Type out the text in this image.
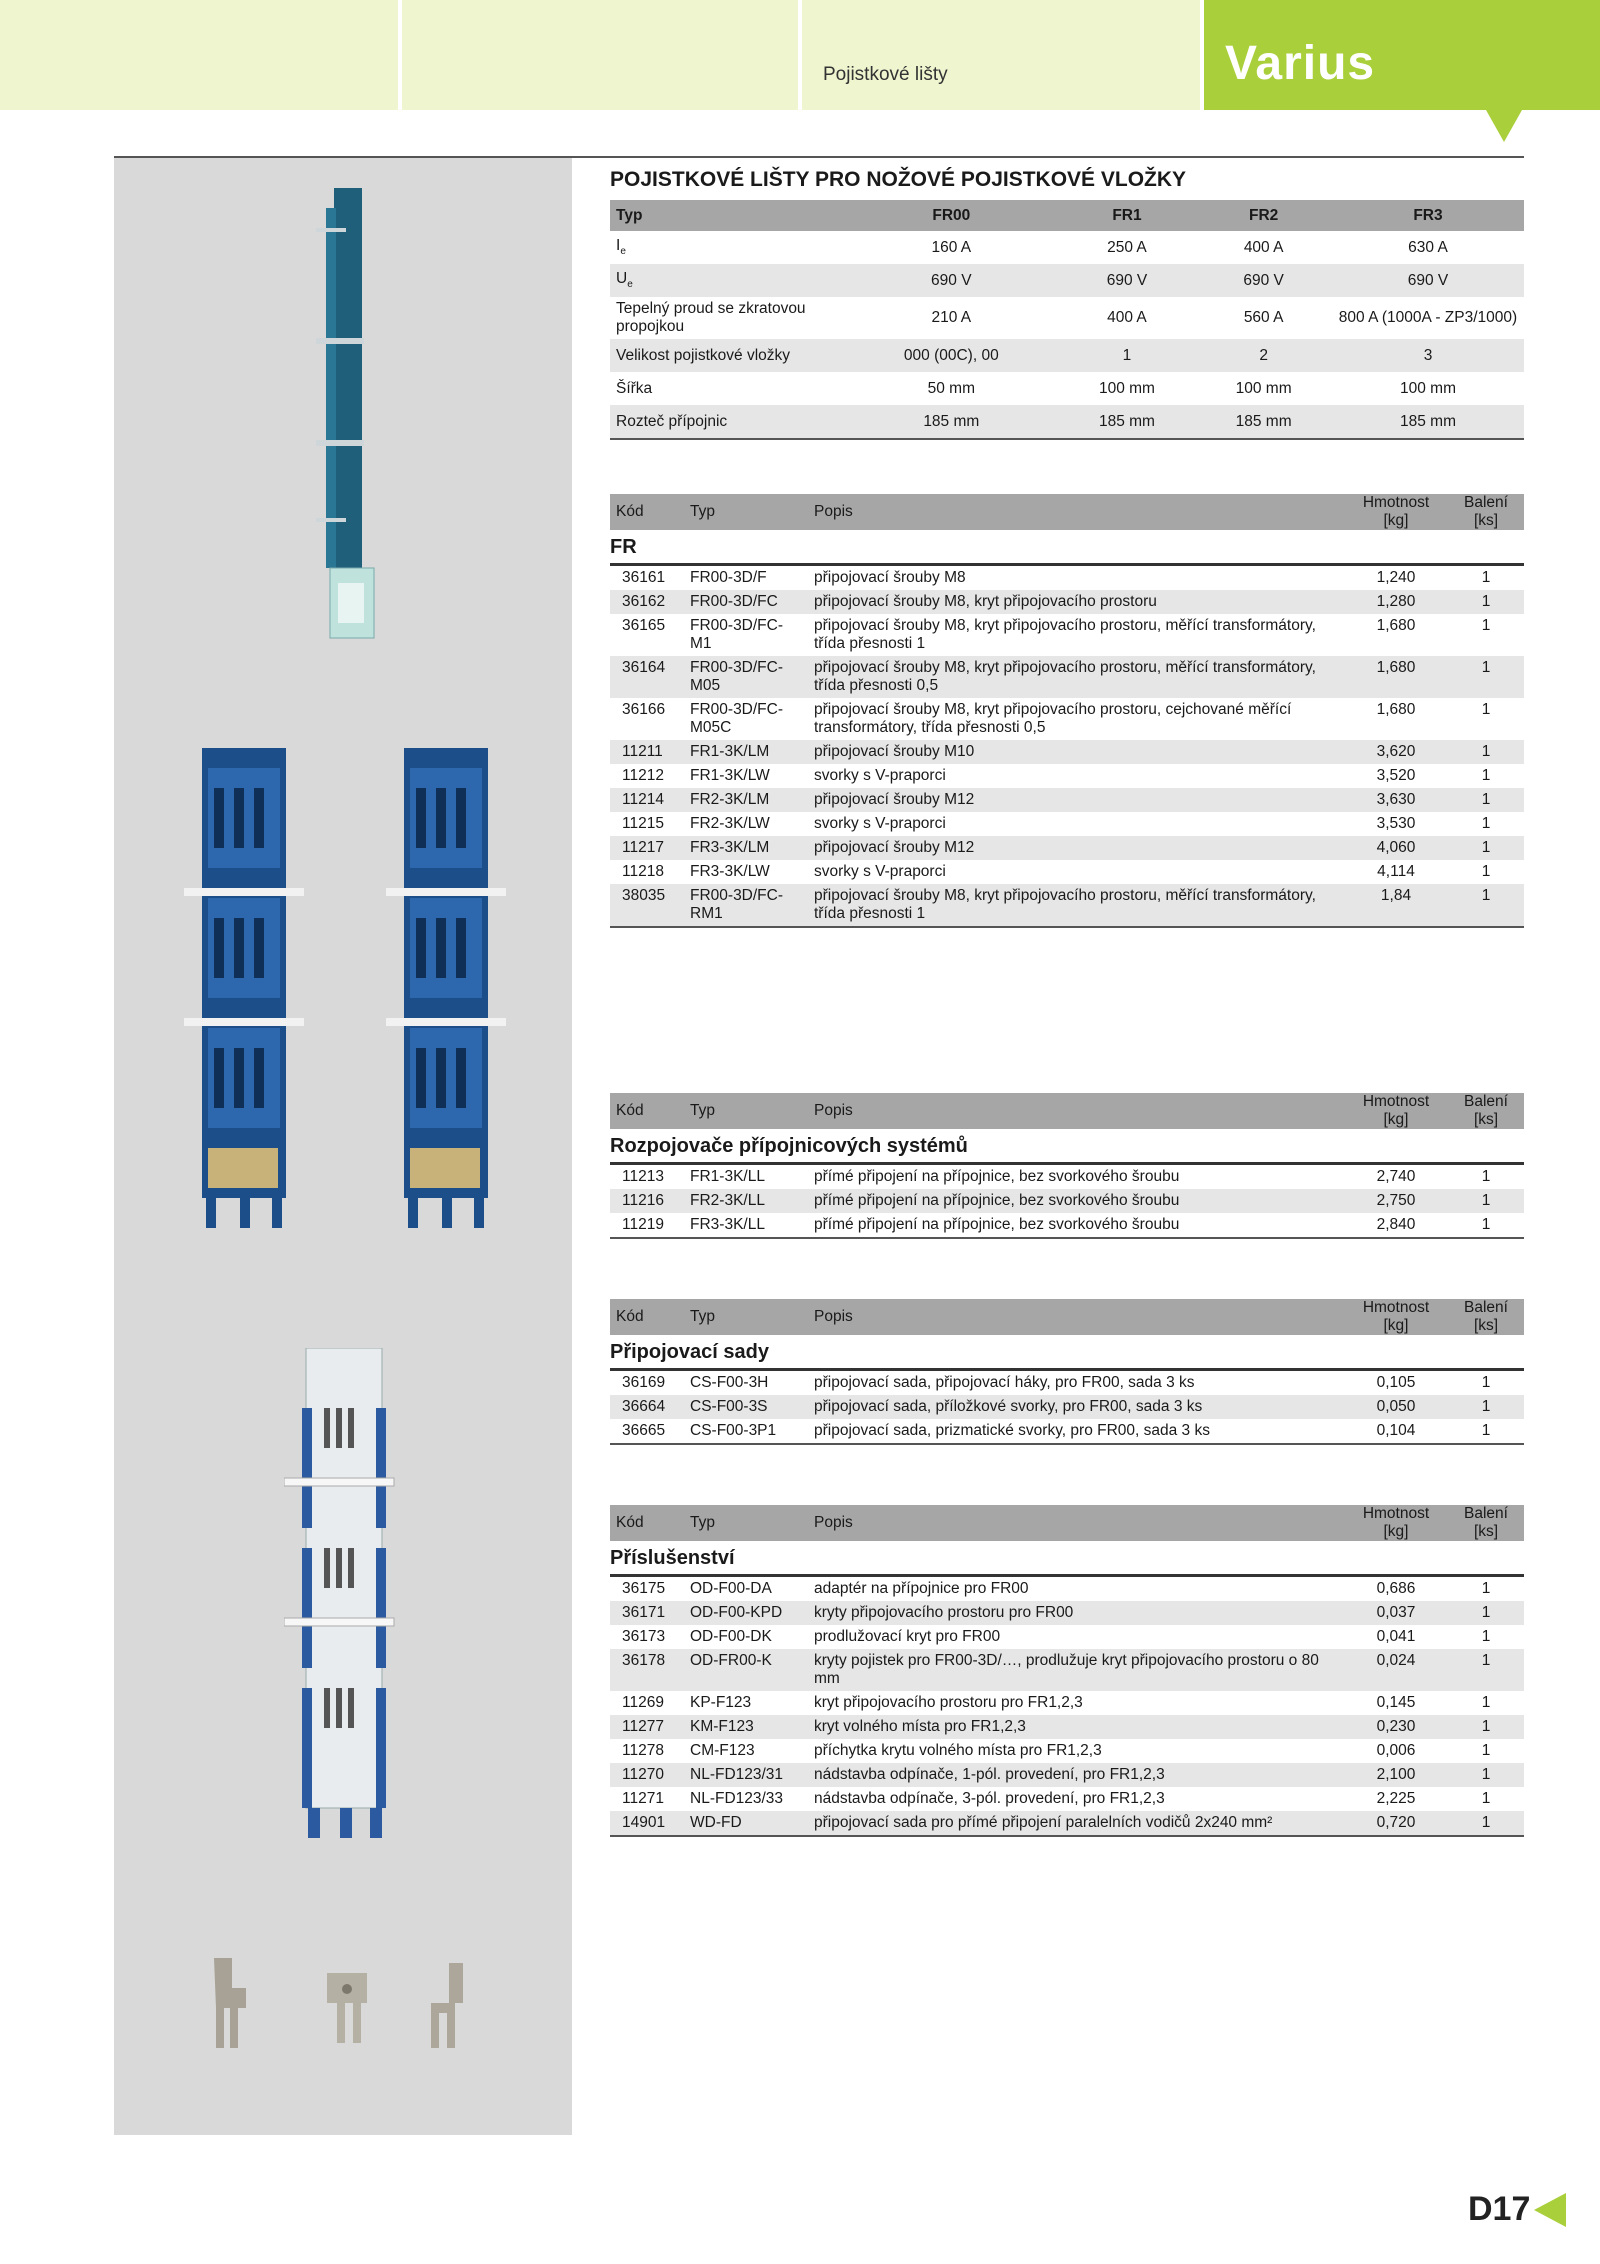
Pojistkové lišty	Varius
POJISTKOVÉ LIŠTY PRO NOŽOVÉ POJISTKOVÉ VLOŽKY
Typ	FR00	FR1	FR2	FR3
$I_e$	160 A	250 A	400 A	630 A
$U_e$	690 V	690 V	690 V	690 V
Tepelný proud se zkratovou propojkou	210 A	400 A	560 A	800 A (1000A - ZP3/1000)
Velikost pojistkové vložky	000 (00C), 00	1	2	3
Šířka	50 mm	100 mm	100 mm	100 mm
Rozteč přípojnic	185 mm	185 mm	185 mm	185 mm
Kód	Typ	Popis	Hmotnost [kg]	Balení [ks]
FR				
36161	FR00-3D/F	připojovací šrouby M8	1,240	1
36162	FR00-3D/FC	připojovací šrouby M8, kryt připojovacího prostoru	1,280	1
36165	FR00-3D/FC-M1	připojovací šrouby M8, kryt připojovacího prostoru, měřící transformátory, třída přesnosti 1	1,680	1
36164	FR00-3D/FC-M05	připojovací šrouby M8, kryt připojovacího prostoru, měřící transformátory, třída přesnosti 0,5	1,680	1
36166	FR00-3D/FC-M05C	připojovací šrouby M8, kryt připojovacího prostoru, cejchované měřící transformátory, třída přesnosti 0,5	1,680	1
11211	FR1-3K/LM	připojovací šrouby M10	3,620	1
11212	FR1-3K/LW	svorky s V-praporci	3,520	1
11214	FR2-3K/LM	připojovací šrouby M12	3,630	1
11215	FR2-3K/LW	svorky s V-praporci	3,530	1
11217	FR3-3K/LM	připojovací šrouby M12	4,060	1
11218	FR3-3K/LW	svorky s V-praporci	4,114	1
38035	FR00-3D/FC-RM1	připojovací šrouby M8, kryt připojovacího prostoru, měřící transformátory, třída přesnosti 1	1,84	1
Kód	Typ	Popis	Hmotnost [kg]	Balení [ks]
Rozpojovače přípojnicových systémů				
11213	FR1-3K/LL	přímé připojení na přípojnice, bez svorkového šroubu	2,740	1
11216	FR2-3K/LL	přímé připojení na přípojnice, bez svorkového šroubu	2,750	1
11219	FR3-3K/LL	přímé připojení na přípojnice, bez svorkového šroubu	2,840	1
Kód	Typ	Popis	Hmotnost [kg]	Balení [ks]
Připojovací sady				
36169	CS-F00-3H	připojovací sada, připojovací háky, pro FR00, sada 3 ks	0,105	1
36664	CS-F00-3S	připojovací sada, příložkové svorky, pro FR00, sada 3 ks	0,050	1
36665	CS-F00-3P1	připojovací sada, prizmatické svorky, pro FR00, sada 3 ks	0,104	1
Kód	Typ	Popis	Hmotnost [kg]	Balení [ks]
Příslušenství				
36175	OD-F00-DA	adaptér na přípojnice pro FR00	0,686	1
36171	OD-F00-KPD	kryty připojovacího prostoru pro FR00	0,037	1
36173	OD-F00-DK	prodlužovací kryt pro FR00	0,041	1
36178	OD-FR00-K	kryty pojistek pro FR00-3D/…, prodlužuje kryt připojovacího prostoru o 80 mm	0,024	1
11269	KP-F123	kryt připojovacího prostoru pro FR1,2,3	0,145	1
11277	KM-F123	kryt volného místa pro FR1,2,3	0,230	1
11278	CM-F123	příchytka krytu volného místa pro FR1,2,3	0,006	1
11270	NL-FD123/31	nádstavba odpínače, 1-pól. provedení, pro FR1,2,3	2,100	1
11271	NL-FD123/33	nádstavba odpínače, 3-pól. provedení, pro FR1,2,3	2,225	1
14901	WD-FD	připojovací sada pro přímé připojení paralelních vodičů 2x240 mm²	0,720	1
D17
